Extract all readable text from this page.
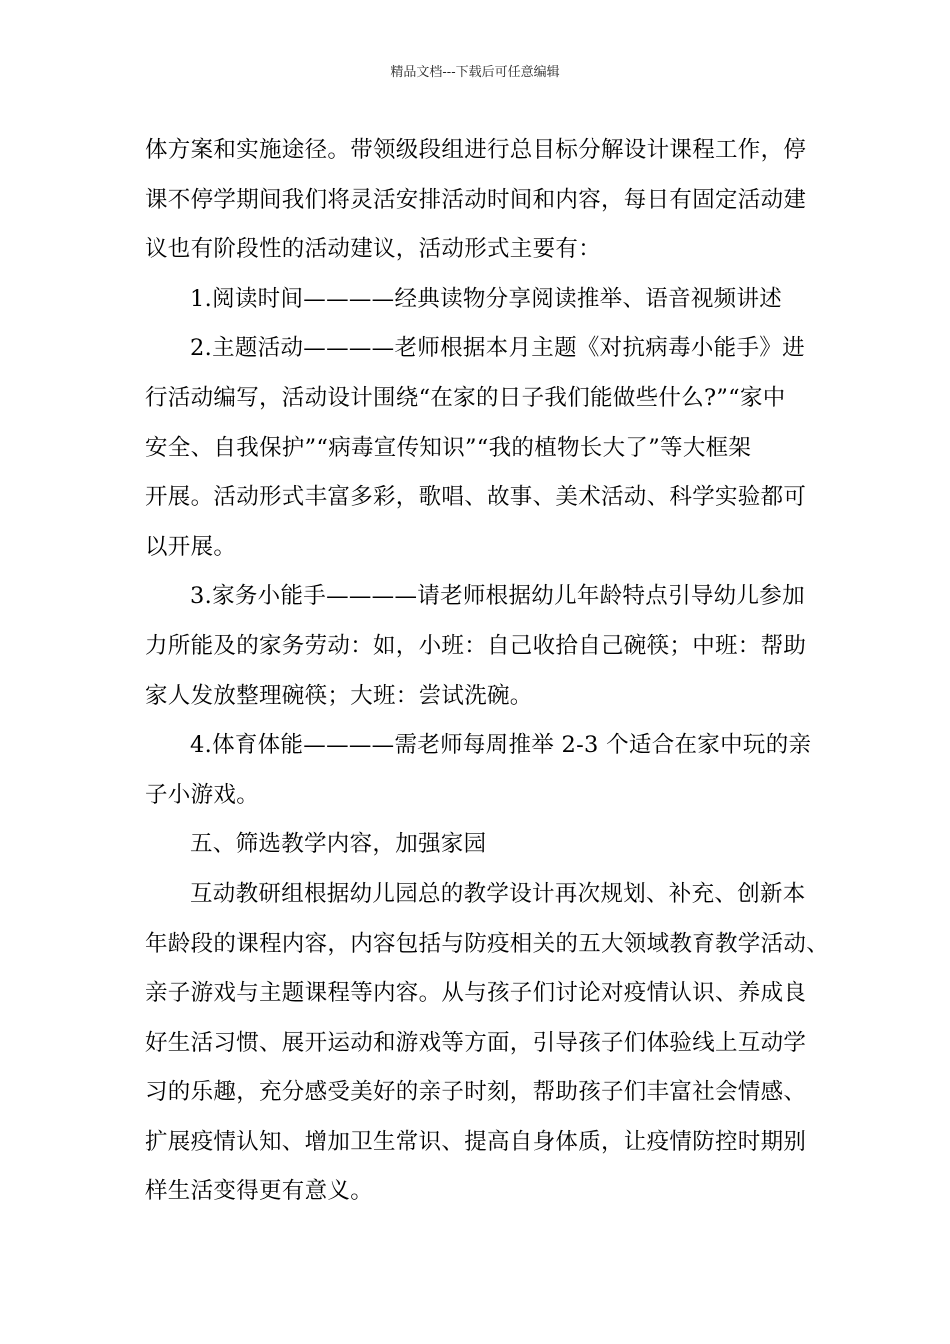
精品文档---下载后可任意编辑
体方案和实施途径。带领级段组进行总目标分解设计课程工作，停
课不停学期间我们将灵活安排活动时间和内容，每日有固定活动建
议也有阶段性的活动建议，活动形式主要有：
1.阅读时间————经典读物分享阅读推举、语音视频讲述
2.主题活动————老师根据本月主题《对抗病毒小能手》进
行活动编写，活动设计围绕“在家的日子我们能做些什么?”“家中
安全、自我保护”“病毒宣传知识”“我的植物长大了”等大框架
开展。活动形式丰富多彩，歌唱、故事、美术活动、科学实验都可
以开展。
3.家务小能手————请老师根据幼儿年龄特点引导幼儿参加
力所能及的家务劳动：如，小班：自己收拾自己碗筷；中班：帮助
家人发放整理碗筷；大班：尝试洗碗。
4.体育体能————需老师每周推举 2-3 个适合在家中玩的亲
子小游戏。
五、筛选教学内容，加强家园
互动教研组根据幼儿园总的教学设计再次规划、补充、创新本
年龄段的课程内容，内容包括与防疫相关的五大领域教育教学活动、
亲子游戏与主题课程等内容。从与孩子们讨论对疫情认识、养成良
好生活习惯、展开运动和游戏等方面，引导孩子们体验线上互动学
习的乐趣，充分感受美好的亲子时刻，帮助孩子们丰富社会情感、
扩展疫情认知、增加卫生常识、提高自身体质，让疫情防控时期别
样生活变得更有意义。
